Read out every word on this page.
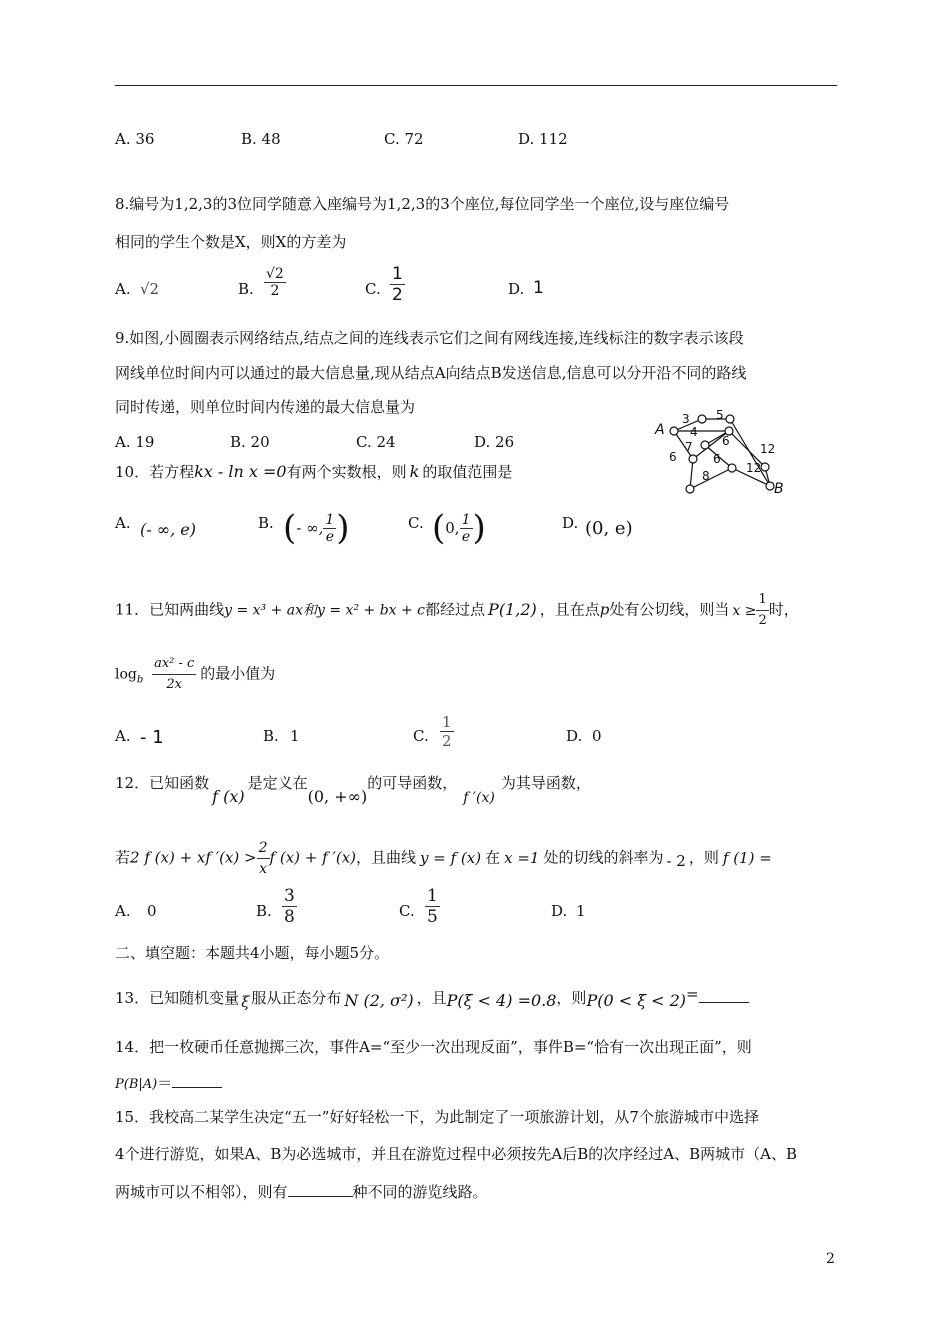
A. 36	B. 48	C. 72	D. 112
8.编号为1,2,3的3位同学随意入座编号为1,2,3的3个座位,每位同学坐一个座位,设与座位编号
相同的学生个数是X，则X的方差为
A. √2	B. $\frac{√2}{2}$	C. $\frac{1}{2}$	D. 1
9.如图,小圆圈表示网络结点,结点之间的连线表示它们之间有网线连接,连线标注的数字表示该段
网线单位时间内可以通过的最大信息量,现从结点A向结点B发送信息,信息可以分开沿不同的路线
同时传递，则单位时间内传递的最大信息量为
A. 19	B. 20	C. 24	D. 26
A
B
3 5
4
6
7
6
12
6
8
12
10．若方程kx - ln x =0有两个实数根，则 k 的取值范围是
A. (- ∞, e)	B. (- ∞, $\frac{1}{e}$ )	C. (0, $\frac{1}{e}$ )	D. (0, e)
11．已知两曲线y = x³ + ax和y = x² + bx + c都经过点 P(1,2) ，且在点p处有公切线，则当 $x \ge \frac{1}{2}$ 时，
$\log_b \frac{\text{ax² - c}}{2x}$ 的最小值为
A. - 1	B. 1	C. $\frac{1}{2}$	D. 0
12．已知函数f (x)是定义在(0, +∞)的可导函数，f ′(x)为其导函数，
若2 f (x) + xf $'(x) > \frac{2}{x}$ f (x) + f ′(x)，且曲线 y = f (x) 在 x =1 处的切线的斜率为 - 2 ，则 f (1) =
A. 0	B. $\frac{3}{8}$	C. $\frac{1}{5}$	D. 1
二、填空题：本题共4小题，每小题5分。
13．已知随机变量 ξ 服从正态分布 N (2, σ²) ，且P(ξ < 4) =0.8，则P(0 < ξ < 2)=
14．把一枚硬币任意抛掷三次，事件A=“至少一次出现反面”，事件B=“恰有一次出现正面”，则
P(B|A)＝
15．我校高二某学生决定“五一”好好轻松一下，为此制定了一项旅游计划，从7个旅游城市中选择
4个进行游览，如果A、B为必选城市，并且在游览过程中必须按先A后B的次序经过A、B两城市（A、B
两城市可以不相邻），则有	种不同的游览线路。
2
